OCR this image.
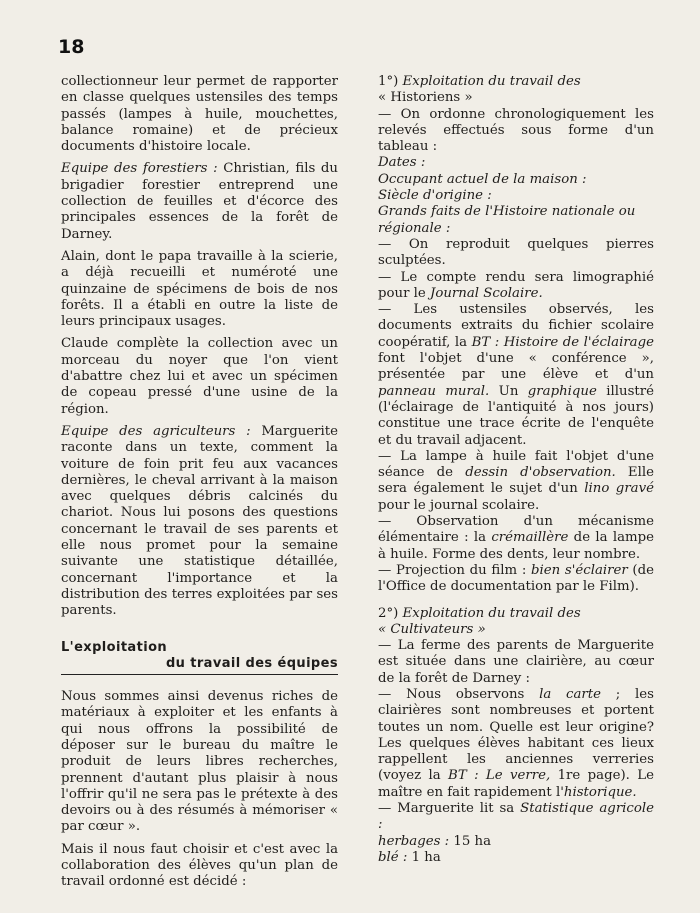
18

collectionneur leur permet de rapporter en classe quelques ustensiles des temps passés (lampes à huile, mouchettes, balance romaine) et de précieux documents d'histoire locale.

Equipe des forestiers : Christian, fils du brigadier forestier entreprend une collection de feuilles et d'écorce des principales essences de la forêt de Darney.

Alain, dont le papa travaille à la scierie, a déjà recueilli et numéroté une quinzaine de spécimens de bois de nos forêts. Il a établi en outre la liste de leurs principaux usages.

Claude complète la collection avec un morceau du noyer que l'on vient d'abattre chez lui et avec un spécimen de copeau pressé d'une usine de la région.

Equipe des agriculteurs : Marguerite raconte dans un texte, comment la voiture de foin prit feu aux vacances dernières, le cheval arrivant à la maison avec quelques débris calcinés du chariot. Nous lui posons des questions concernant le travail de ses parents et elle nous promet pour la semaine suivante une statistique détaillée, concernant l'importance et la distribution des terres exploitées par ses parents.

L'exploitation
du travail des équipes

Nous sommes ainsi devenus riches de matériaux à exploiter et les enfants à qui nous offrons la possibilité de déposer sur le bureau du maître le produit de leurs libres recherches, prennent d'autant plus plaisir à nous l'offrir qu'il ne sera pas le prétexte à des devoirs ou à des résumés à mémoriser « par cœur ».

Mais il nous faut choisir et c'est avec la collaboration des élèves qu'un plan de travail ordonné est décidé :

1°) Exploitation du travail des
« Historiens »

— On ordonne chronologiquement les relevés effectués sous forme d'un tableau :

Dates :
Occupant actuel de la maison :
Siècle d'origine :
Grands faits de l'Histoire nationale ou régionale :

— On reproduit quelques pierres sculptées.

— Le compte rendu sera limographié pour le Journal Scolaire.

— Les ustensiles observés, les documents extraits du fichier scolaire coopératif, la BT : Histoire de l'éclairage font l'objet d'une « conférence », présentée par une élève et d'un panneau mural. Un graphique illustré (l'éclairage de l'antiquité à nos jours) constitue une trace écrite de l'enquête et du travail adjacent.

— La lampe à huile fait l'objet d'une séance de dessin d'observation. Elle sera également le sujet d'un lino gravé pour le journal scolaire.

— Observation d'un mécanisme élémentaire : la crémaillère de la lampe à huile. Forme des dents, leur nombre.

— Projection du film : bien s'éclairer (de l'Office de documentation par le Film).

2°) Exploitation du travail des
« Cultivateurs »

— La ferme des parents de Marguerite est située dans une clairière, au cœur de la forêt de Darney :

— Nous observons la carte ; les clairières sont nombreuses et portent toutes un nom. Quelle est leur origine? Les quelques élèves habitant ces lieux rappellent les anciennes verreries (voyez la BT : Le verre, 1re page). Le maître en fait rapidement l'historique.

— Marguerite lit sa Statistique agricole :

herbages : 15 ha
blé : 1 ha
